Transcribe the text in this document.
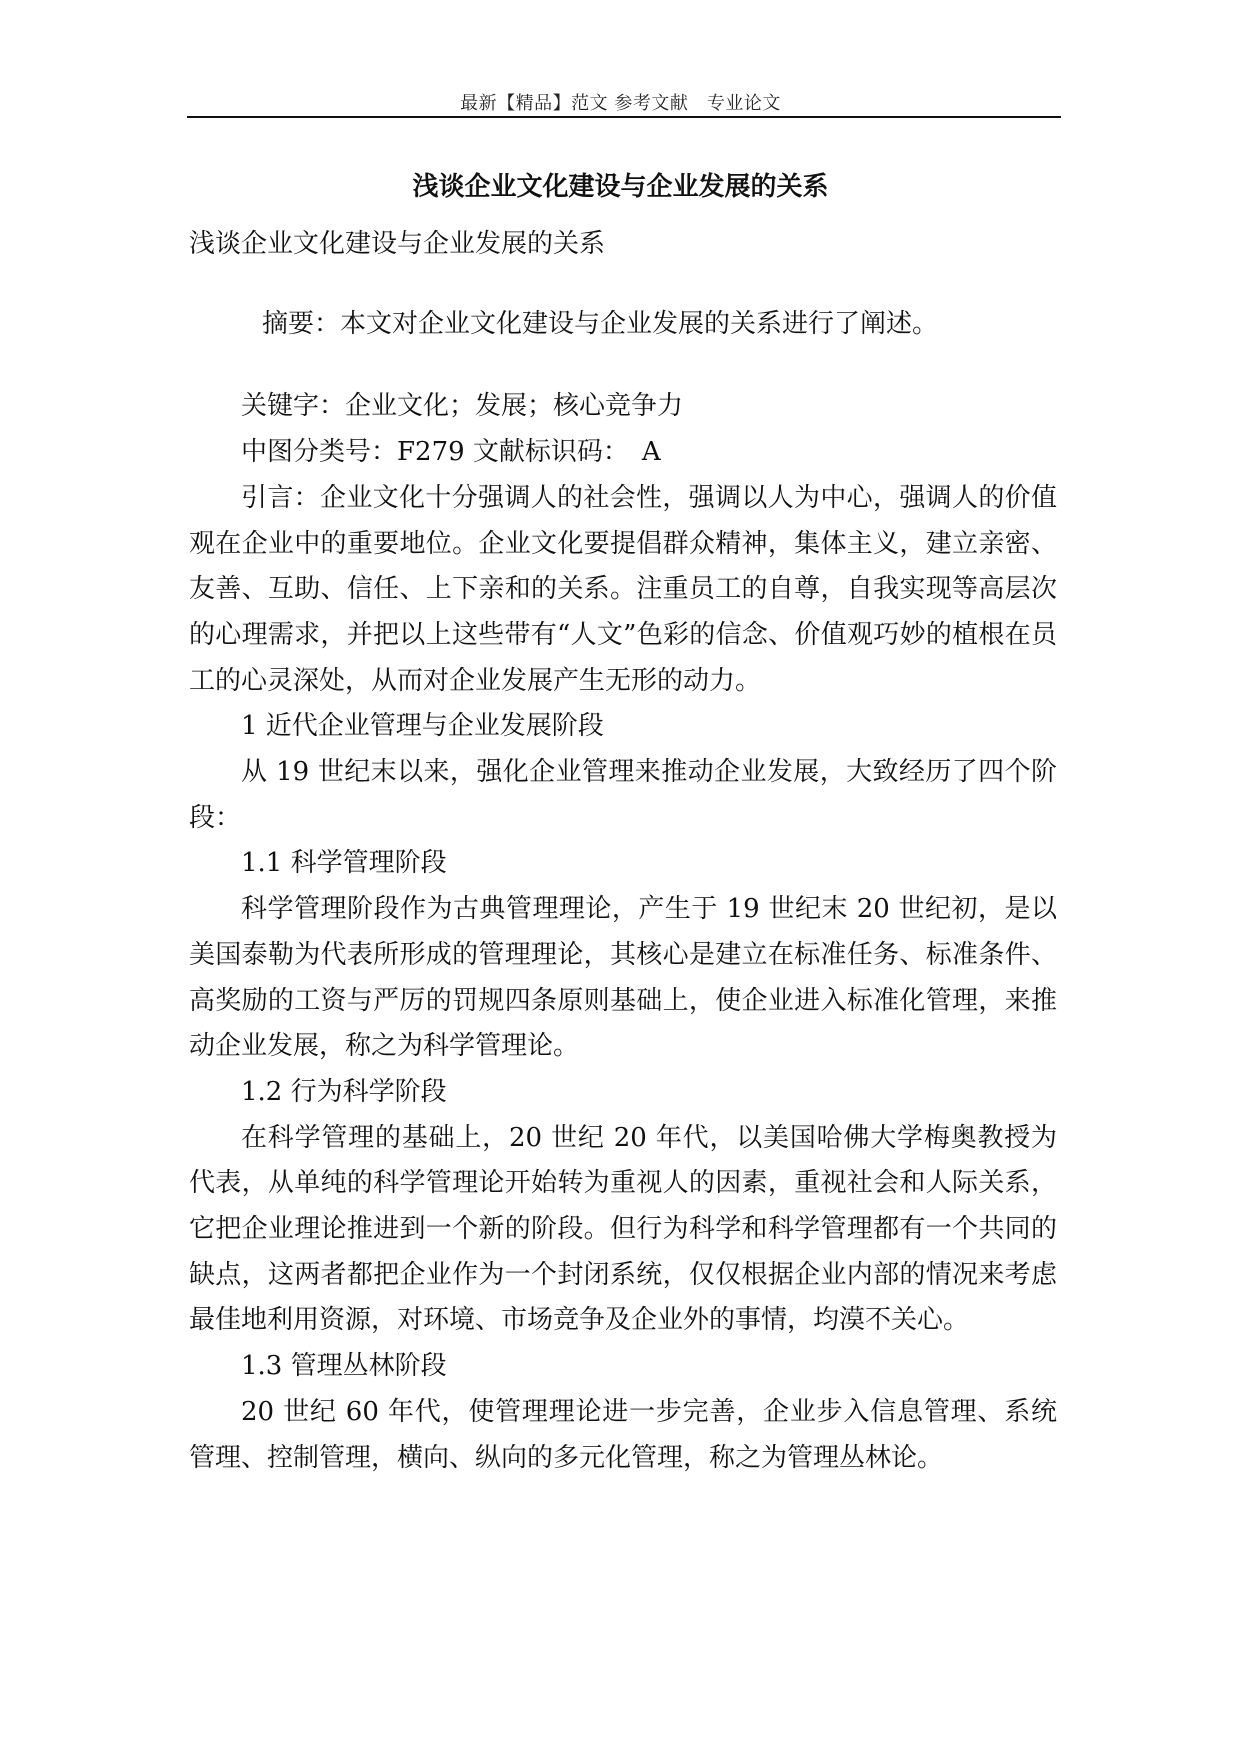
最新【精品】范文 参考文献　专业论文
浅谈企业文化建设与企业发展的关系

浅谈企业文化建设与企业发展的关系

摘要：本文对企业文化建设与企业发展的关系进行了阐述。

关键字：企业文化；发展；核心竞争力

中图分类号：F279 文献标识码：　A

引言：企业文化十分强调人的社会性，强调以人为中心，强调人的价值观在企业中的重要地位。企业文化要提倡群众精神，集体主义，建立亲密、友善、互助、信任、上下亲和的关系。注重员工的自尊，自我实现等高层次的心理需求，并把以上这些带有“人文”色彩的信念、价值观巧妙的植根在员工的心灵深处，从而对企业发展产生无形的动力。

1 近代企业管理与企业发展阶段

从 19 世纪末以来，强化企业管理来推动企业发展，大致经历了四个阶段：

1.1 科学管理阶段

科学管理阶段作为古典管理理论，产生于 19 世纪末 20 世纪初，是以美国泰勒为代表所形成的管理理论，其核心是建立在标准任务、标准条件、高奖励的工资与严厉的罚规四条原则基础上，使企业进入标准化管理，来推动企业发展，称之为科学管理论。

1.2 行为科学阶段

在科学管理的基础上，20 世纪 20 年代，以美国哈佛大学梅奥教授为代表，从单纯的科学管理论开始转为重视人的因素，重视社会和人际关系，它把企业理论推进到一个新的阶段。但行为科学和科学管理都有一个共同的缺点，这两者都把企业作为一个封闭系统，仅仅根据企业内部的情况来考虑最佳地利用资源，对环境、市场竞争及企业外的事情，均漠不关心。

1.3 管理丛林阶段

20 世纪 60 年代，使管理理论进一步完善，企业步入信息管理、系统管理、控制管理，横向、纵向的多元化管理，称之为管理丛林论。
